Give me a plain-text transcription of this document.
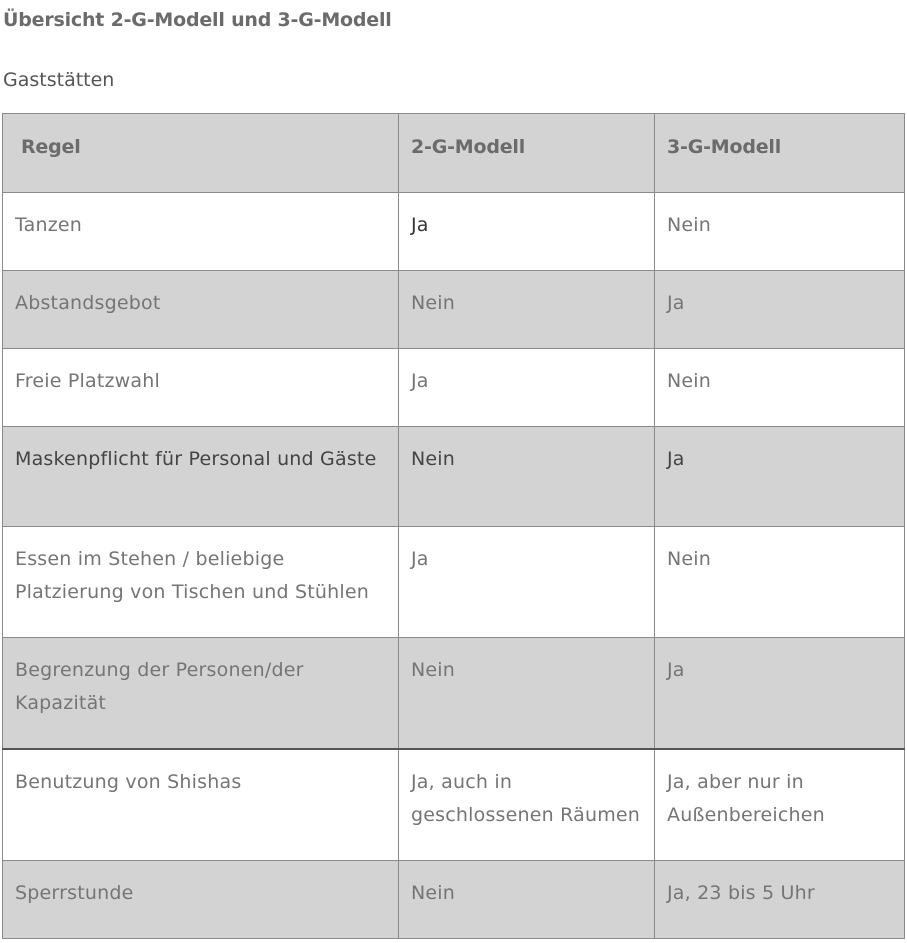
Übersicht 2-G-Modell und 3-G-Modell
Gaststätten
Regel	2-G-Modell	3-G-Modell
Tanzen	Ja	Nein
Abstandsgebot	Nein	Ja
Freie Platzwahl	Ja	Nein
Maskenpflicht für Personal und Gäste	Nein	Ja
Essen im Stehen / beliebige Platzierung von Tischen und Stühlen	Ja	Nein
Begrenzung der Personen/der Kapazität	Nein	Ja
Benutzung von Shishas	Ja, auch in geschlossenen Räumen	Ja, aber nur in Außenbereichen
Sperrstunde	Nein	Ja, 23 bis 5 Uhr
